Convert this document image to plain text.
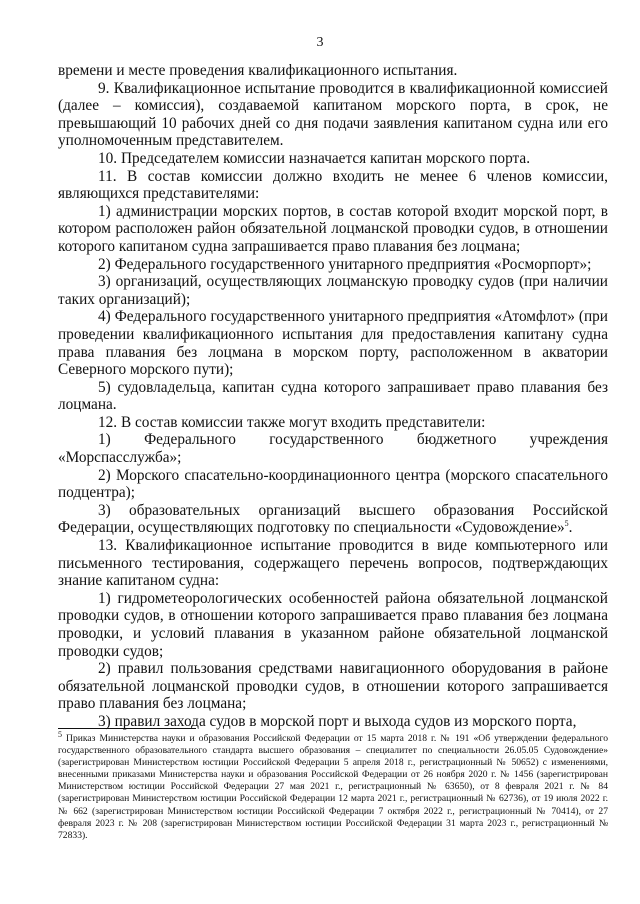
3

времени и месте проведения квалификационного испытания.

9. Квалификационное испытание проводится в квалификационной комиссией (далее – комиссия), создаваемой капитаном морского порта, в срок, не превышающий 10 рабочих дней со дня подачи заявления капитаном судна или его уполномоченным представителем.

10. Председателем комиссии назначается капитан морского порта.

11. В состав комиссии должно входить не менее 6 членов комиссии, являющихся представителями:

1) администрации морских портов, в состав которой входит морской порт, в котором расположен район обязательной лоцманской проводки судов, в отношении которого капитаном судна запрашивается право плавания без лоцмана;

2) Федерального государственного унитарного предприятия «Росморпорт»;

3) организаций, осуществляющих лоцманскую проводку судов (при наличии таких организаций);

4) Федерального государственного унитарного предприятия «Атомфлот» (при проведении квалификационного испытания для предоставления капитану судна права плавания без лоцмана в морском порту, расположенном в акватории Северного морского пути);

5) судовладельца, капитан судна которого запрашивает право плавания без лоцмана.

12. В состав комиссии также могут входить представители:

1) Федерального государственного бюджетного учреждения «Морспасслужба»;

2) Морского спасательно-координационного центра (морского спасательного подцентра);

3) образовательных организаций высшего образования Российской Федерации, осуществляющих подготовку по специальности «Судовождение»$^5$.

13. Квалификационное испытание проводится в виде компьютерного или письменного тестирования, содержащего перечень вопросов, подтверждающих знание капитаном судна:

1) гидрометеорологических особенностей района обязательной лоцманской проводки судов, в отношении которого запрашивается право плавания без лоцмана проводки, и условий плавания в указанном районе обязательной лоцманской проводки судов;

2) правил пользования средствами навигационного оборудования в районе обязательной лоцманской проводки судов, в отношении которого запрашивается право плавания без лоцмана;

3) правил захода судов в морской порт и выхода судов из морского порта,

$^5$ Приказ Министерства науки и образования Российской Федерации от 15 марта 2018 г. № 191 «Об утверждении федерального государственного образовательного стандарта высшего образования – специалитет по специальности 26.05.05 Судовождение» (зарегистрирован Министерством юстиции Российской Федерации 5 апреля 2018 г., регистрационный № 50652) с изменениями, внесенными приказами Министерства науки и образования Российской Федерации от 26 ноября 2020 г. № 1456 (зарегистрирован Министерством юстиции Российской Федерации 27 мая 2021 г., регистрационный № 63650), от 8 февраля 2021 г. № 84 (зарегистрирован Министерством юстиции Российской Федерации 12 марта 2021 г., регистрационный № 62736), от 19 июля 2022 г. № 662 (зарегистрирован Министерством юстиции Российской Федерации 7 октября 2022 г., регистрационный № 70414), от 27 февраля 2023 г. № 208 (зарегистрирован Министерством юстиции Российской Федерации 31 марта 2023 г., регистрационный № 72833).
